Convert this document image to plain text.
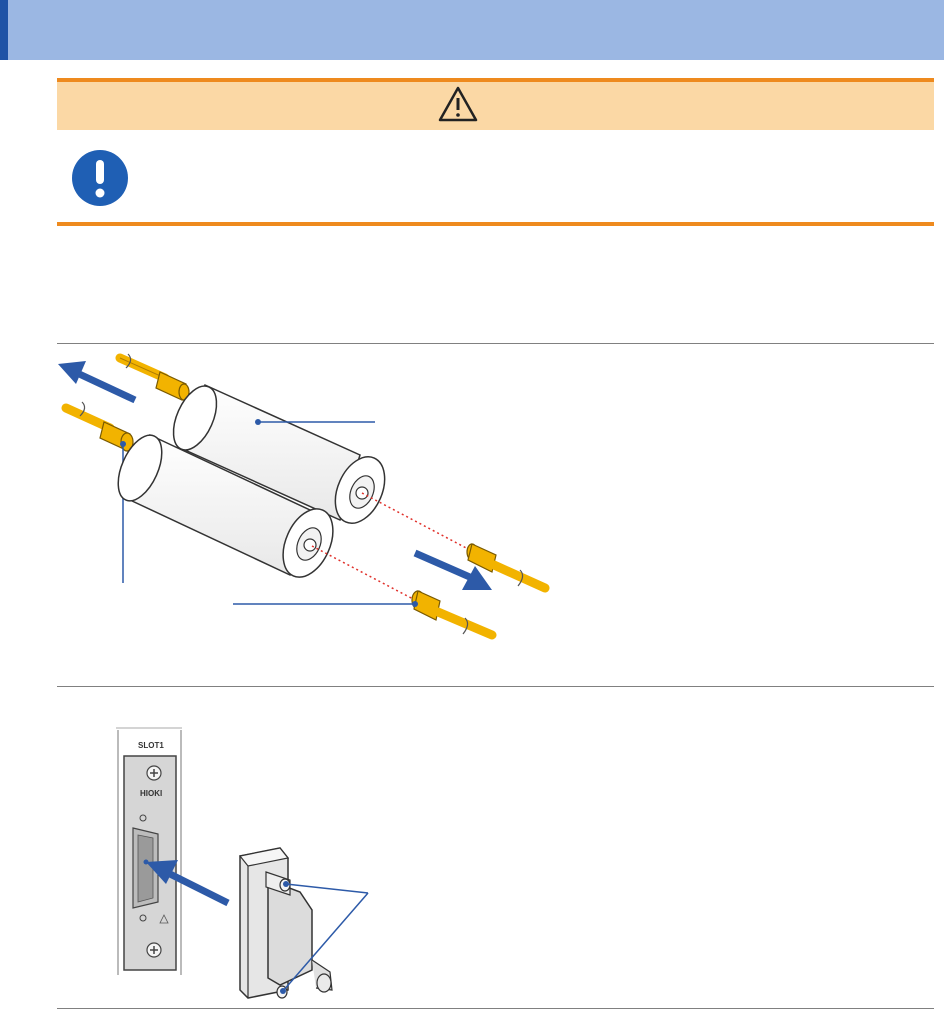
SLOT1
HIOKI
